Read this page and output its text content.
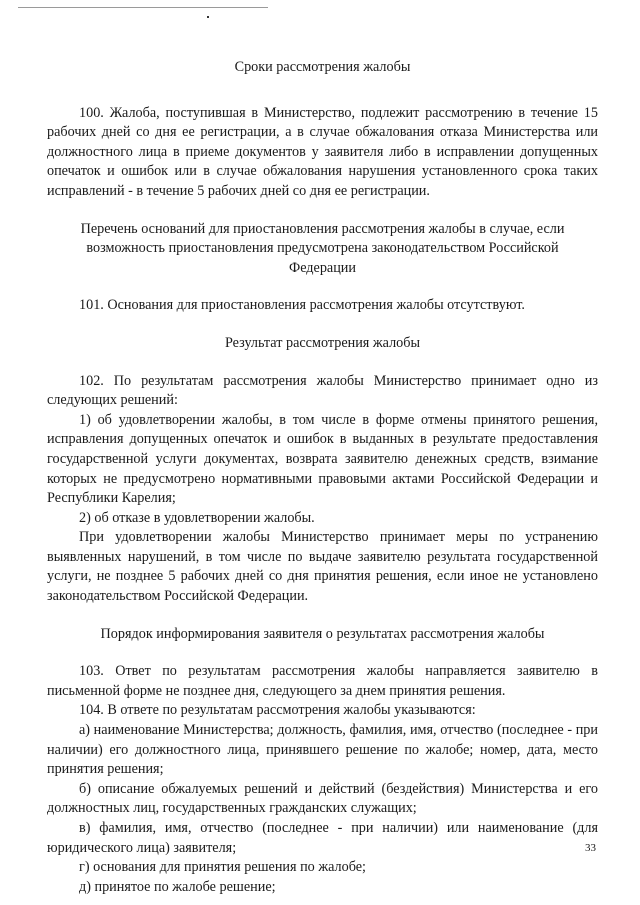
Сроки рассмотрения жалобы

100. Жалоба, поступившая в Министерство, подлежит рассмотрению в течение 15 рабочих дней со дня ее регистрации, а в случае обжалования отказа Министерства или должностного лица в приеме документов у заявителя либо в исправлении допущенных опечаток и ошибок или в случае обжалования нарушения установленного срока таких исправлений - в течение 5 рабочих дней со дня ее регистрации.

Перечень оснований для приостановления рассмотрения жалобы в случае, если возможность приостановления предусмотрена законодательством Российской Федерации

101. Основания для приостановления рассмотрения жалобы отсутствуют.

Результат рассмотрения жалобы

102. По результатам рассмотрения жалобы Министерство принимает одно из следующих решений:

1) об удовлетворении жалобы, в том числе в форме отмены принятого решения, исправления допущенных опечаток и ошибок в выданных в результате предоставления государственной услуги документах, возврата заявителю денежных средств, взимание которых не предусмотрено нормативными правовыми актами Российской Федерации и Республики Карелия;

2) об отказе в удовлетворении жалобы.

При удовлетворении жалобы Министерство принимает меры по устранению выявленных нарушений, в том числе по выдаче заявителю результата государственной услуги, не позднее 5 рабочих дней со дня принятия решения, если иное не установлено законодательством Российской Федерации.

Порядок информирования заявителя о результатах рассмотрения жалобы

103. Ответ по результатам рассмотрения жалобы направляется заявителю в письменной форме не позднее дня, следующего за днем принятия решения.

104. В ответе по результатам рассмотрения жалобы указываются:

а) наименование Министерства; должность, фамилия, имя, отчество (последнее - при наличии) его должностного лица, принявшего решение по жалобе; номер, дата, место принятия решения;

б) описание обжалуемых решений и действий (бездействия) Министерства и его должностных лиц, государственных гражданских служащих;

в) фамилия, имя, отчество (последнее - при наличии) или наименование (для юридического лица) заявителя;

г) основания для принятия решения по жалобе;

д) принятое по жалобе решение;

33
